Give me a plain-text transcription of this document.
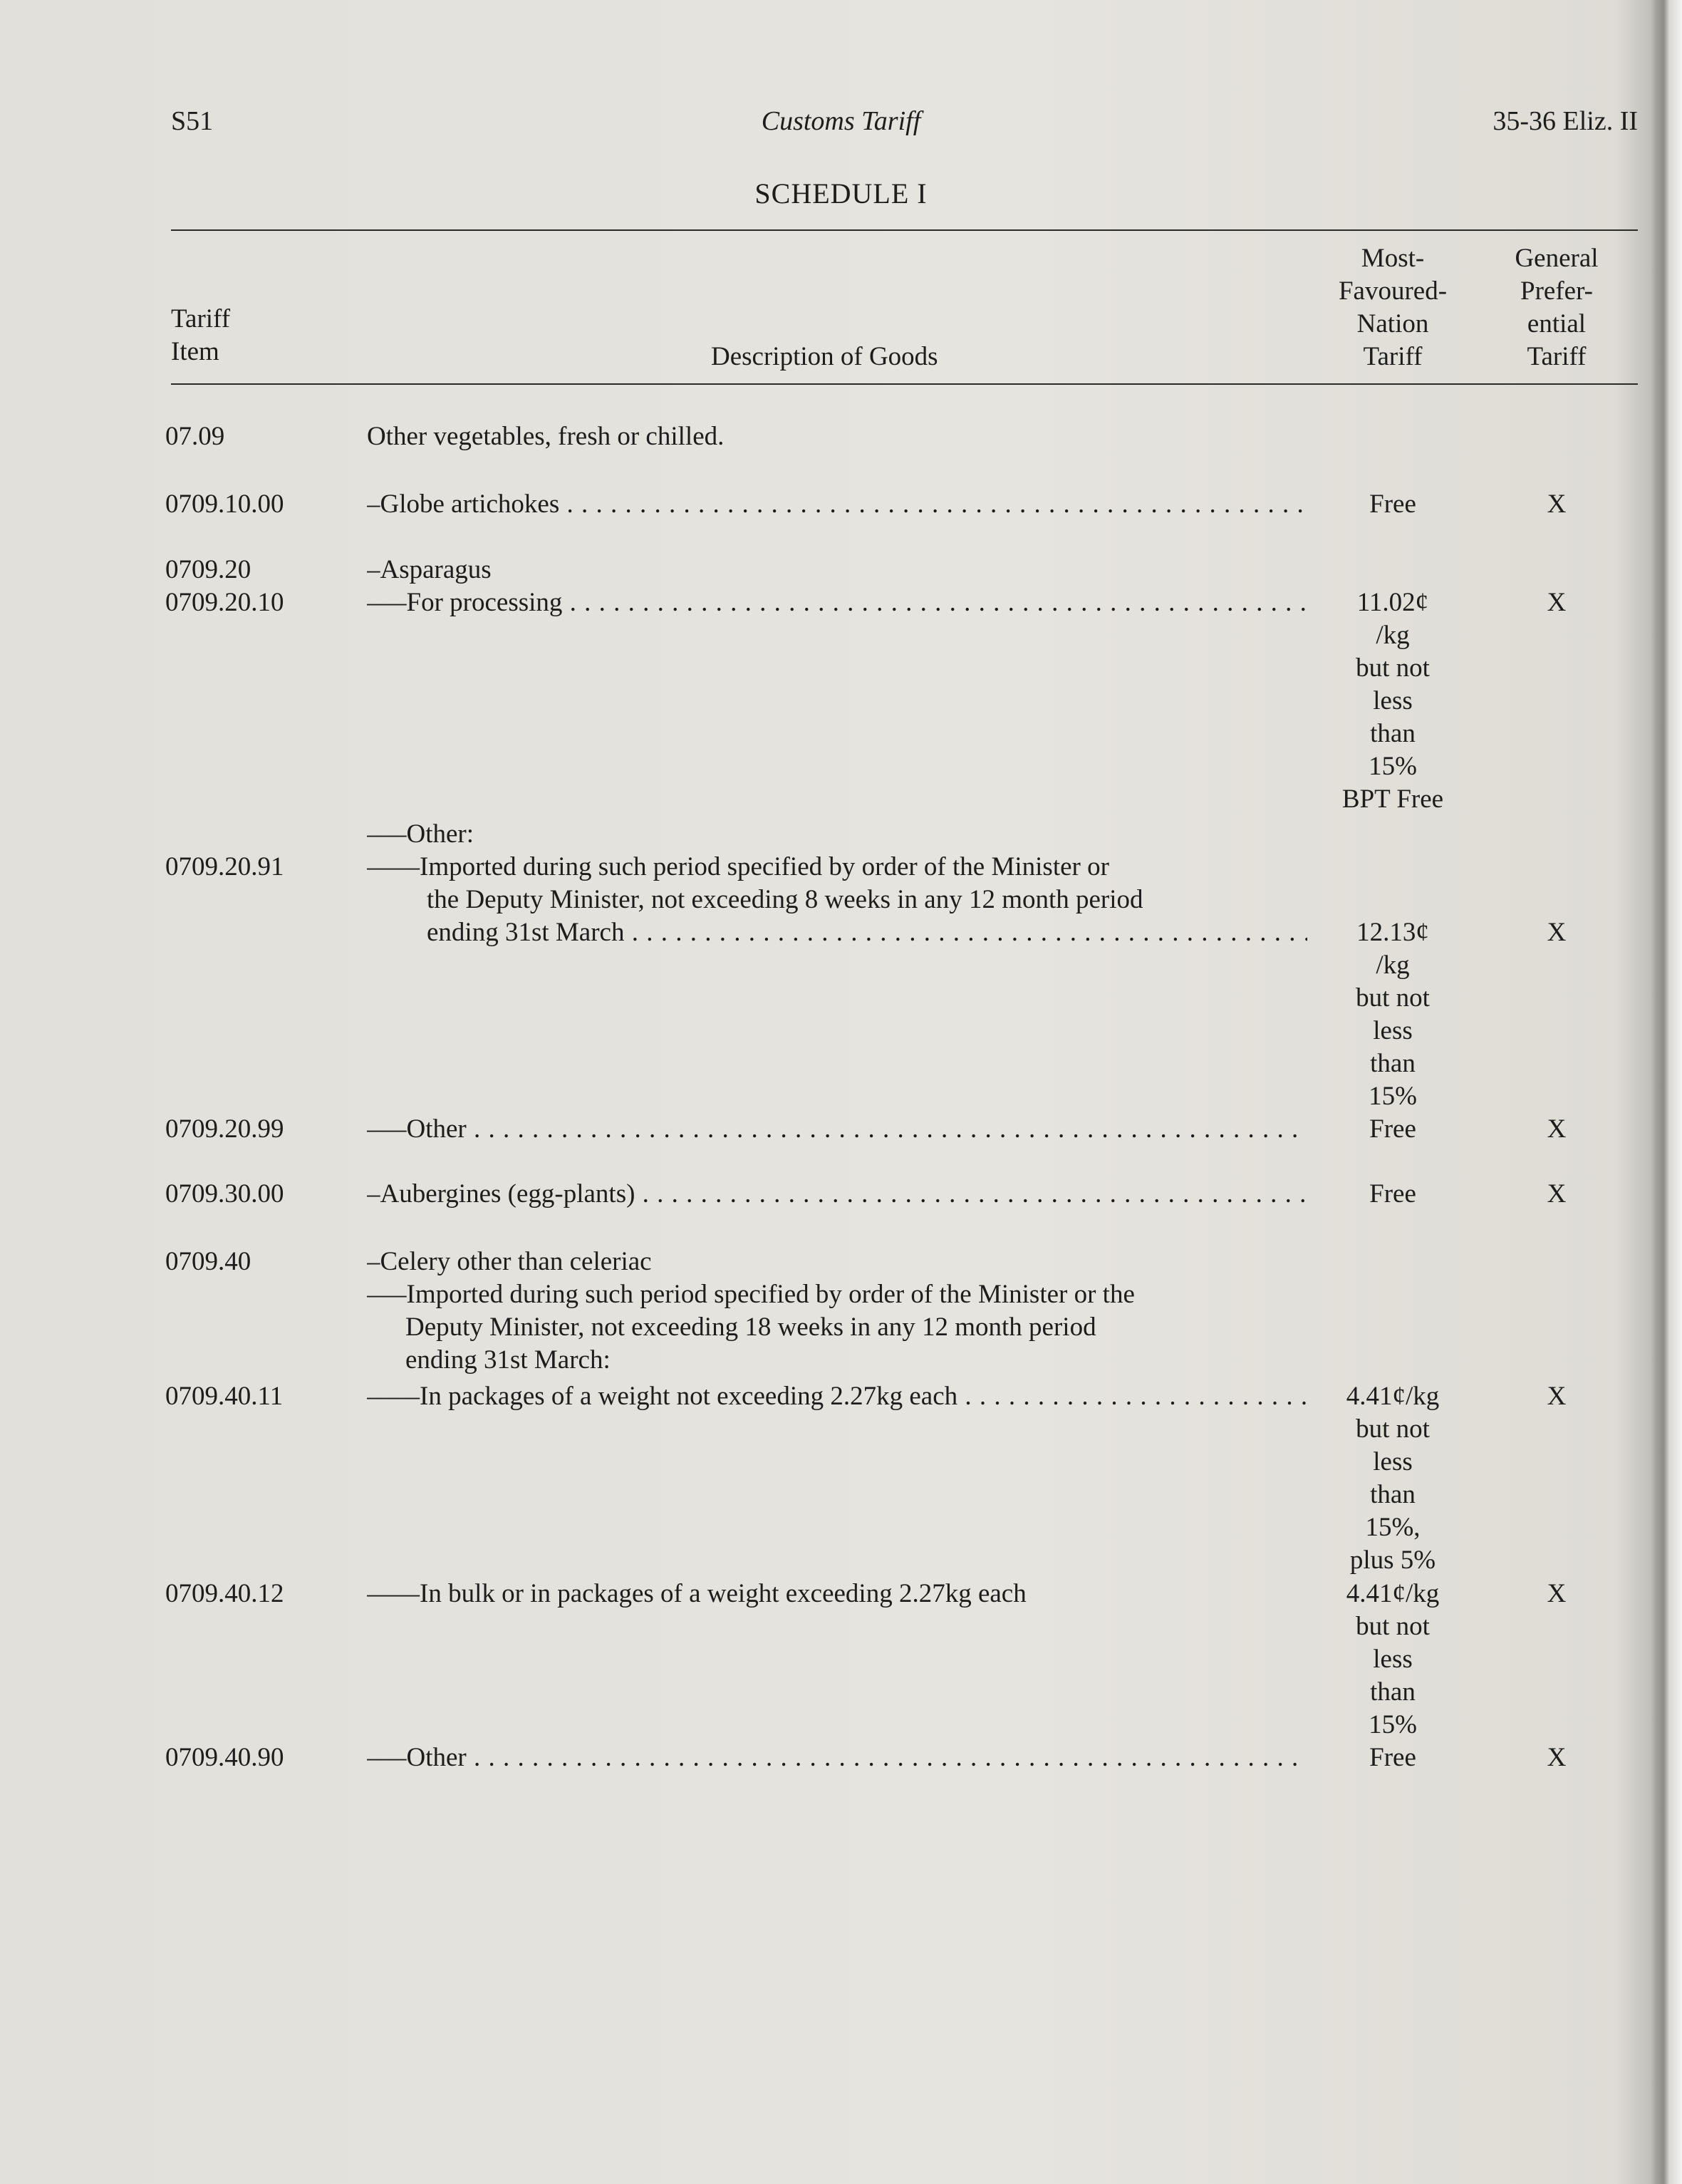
S51	Customs Tariff	35-36 Eliz. II
SCHEDULE I
Tariff
Item	Description of Goods
Most-
Favoured-
Nation
Tariff
General
Prefer-
ential
Tariff
07.09	Other vegetables, fresh or chilled.
0709.10.00	–Globe artichokes . . .	Free	X
0709.20	–Asparagus
0709.20.10	–––For processing . . .	11.02¢
/kg
but not
less
than
15%
BPT Free
X
–––Other:
0709.20.91	––––Imported during such period specified by order of the Minister or
the Deputy Minister, not exceeding 8 weeks in any 12 month period
ending 31st March . . .	12.13¢
/kg
but not
less
than
15%
X
0709.20.99	–––Other . . .	Free	X
0709.30.00	–Aubergines (egg-plants) . . .	Free	X
0709.40	–Celery other than celeriac
–––Imported during such period specified by order of the Minister or the
Deputy Minister, not exceeding 18 weeks in any 12 month period
ending 31st March:
0709.40.11	––––In packages of a weight not exceeding 2.27kg each . . .	4.41¢/kg
but not
less
than
15%,
plus 5%
X
0709.40.12	––––In bulk or in packages of a weight exceeding 2.27kg each	4.41¢/kg
but not
less
than
15%
X
0709.40.90	–––Other . . .	Free	X
